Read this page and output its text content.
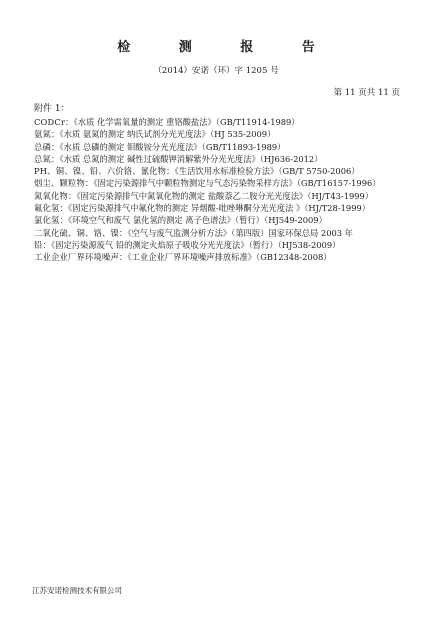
检 测 报 告
（2014）安诺（环）字 1205 号
第 11 页共 11 页
附件 1：
CODCr：《水质 化学需氧量的测定 重铬酸盐法》（GB/T11914-1989）
氨氮：《水质 氨氮的测定 纳氏试剂分光光度法》（HJ 535-2009）
总磷：《水质 总磷的测定 钼酸铵分光光度法》（GB/T11893-1989）
总氮：《水质 总氮的测定 碱性过硫酸钾消解紫外分光光度法》（HJ636-2012）
PH、铜、镍、铅、六价铬、氰化物：《生活饮用水标准检验方法》（GB/T 5750-2006）
烟尘、颗粒物：《固定污染源排气中颗粒物测定与气态污染物采样方法》（GB/T16157-1996）
氮氧化物：《固定污染源排气中氮氧化物的测定 盐酸萘乙二胺分光光度法》（HJ/T43-1999）
氟化氢：《固定污染源排气中氟化物的测定 异烟酸-吡唑啉酮分光光度法 》（HJ/T28-1999）
氯化氢：《环境空气和废气 氯化氢的测定 离子色谱法》（暂行）（HJ549-2009）
二氧化硫、铜、铬、镍：《空气与废气监测分析方法》（第四版）国家环保总局 2003 年
铅：《固定污染源废气 铅的测定火焰原子吸收分光光度法》（暂行）（HJ538-2009）
工业企业厂界环境噪声：《工业企业厂界环境噪声排放标准》（GB12348-2008）
江苏安诺检测技术有限公司
